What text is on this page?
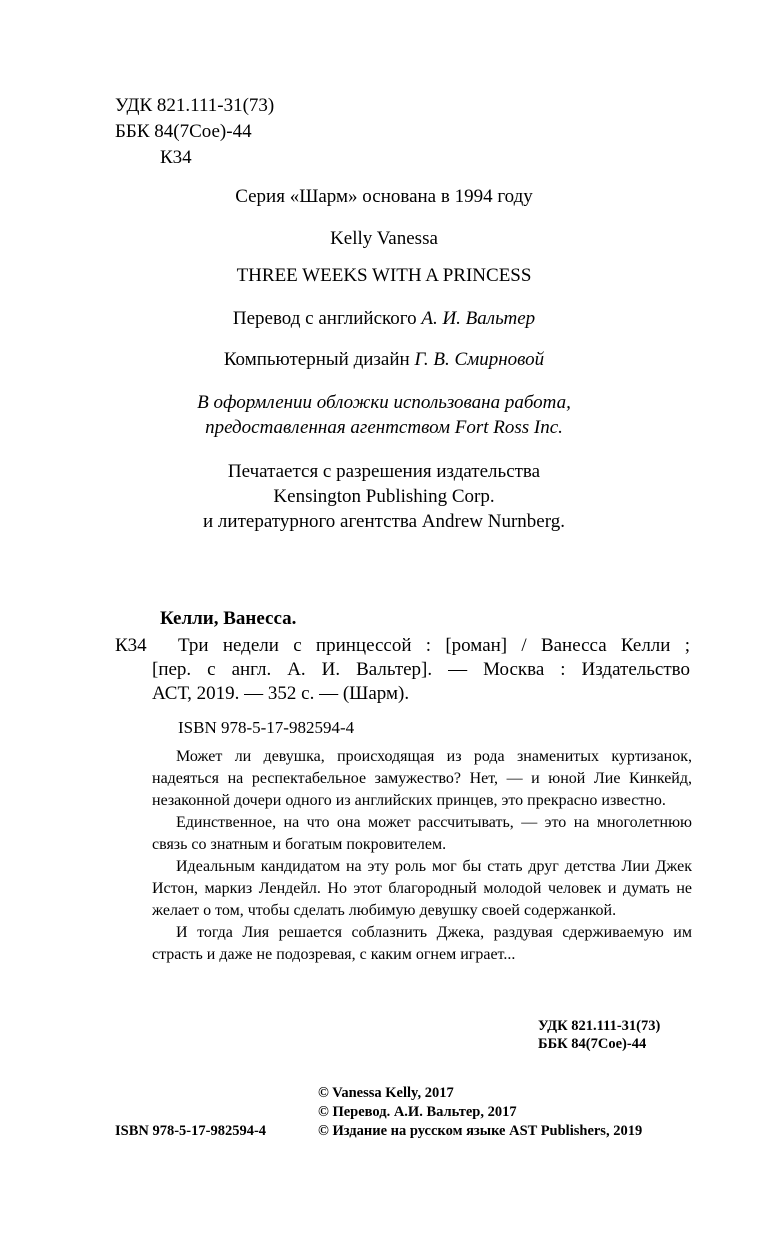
УДК 821.111-31(73)
ББК 84(7Сое)-44
К34
Серия «Шарм» основана в 1994 году
Kelly Vanessa
THREE WEEKS WITH A PRINCESS
Перевод с английского А. И. Вальтер
Компьютерный дизайн Г. В. Смирновой
В оформлении обложки использована работа,
предоставленная агентством Fort Ross Inc.
Печатается с разрешения издательства
Kensington Publishing Corp.
и литературного агентства Andrew Nurnberg.
Келли, Ванесса.
К34 Три недели с принцессой : [роман] / Ванесса Келли ;
[пер. с англ. А. И. Вальтер]. — Москва : Издательство
АСТ, 2019. — 352 с. — (Шарм).
ISBN 978-5-17-982594-4

Может ли девушка, происходящая из рода знаменитых куртизанок, надеяться на респектабельное замужество? Нет, — и юной Лие Кинкейд, незаконной дочери одного из английских принцев, это прекрасно известно.

Единственное, на что она может рассчитывать, — это на многолетнюю связь со знатным и богатым покровителем.

Идеальным кандидатом на эту роль мог бы стать друг детства Лии Джек Истон, маркиз Лендейл. Но этот благородный молодой человек и думать не желает о том, чтобы сделать любимую девушку своей содержанкой.

И тогда Лия решается соблазнить Джека, раздувая сдерживаемую им страсть и даже не подозревая, с каким огнем играет...

УДК 821.111-31(73)
ББК 84(7Сое)-44
© Vanessa Kelly, 2017
© Перевод. А.И. Вальтер, 2017
© Издание на русском языке AST Publishers, 2019
ISBN 978-5-17-982594-4
